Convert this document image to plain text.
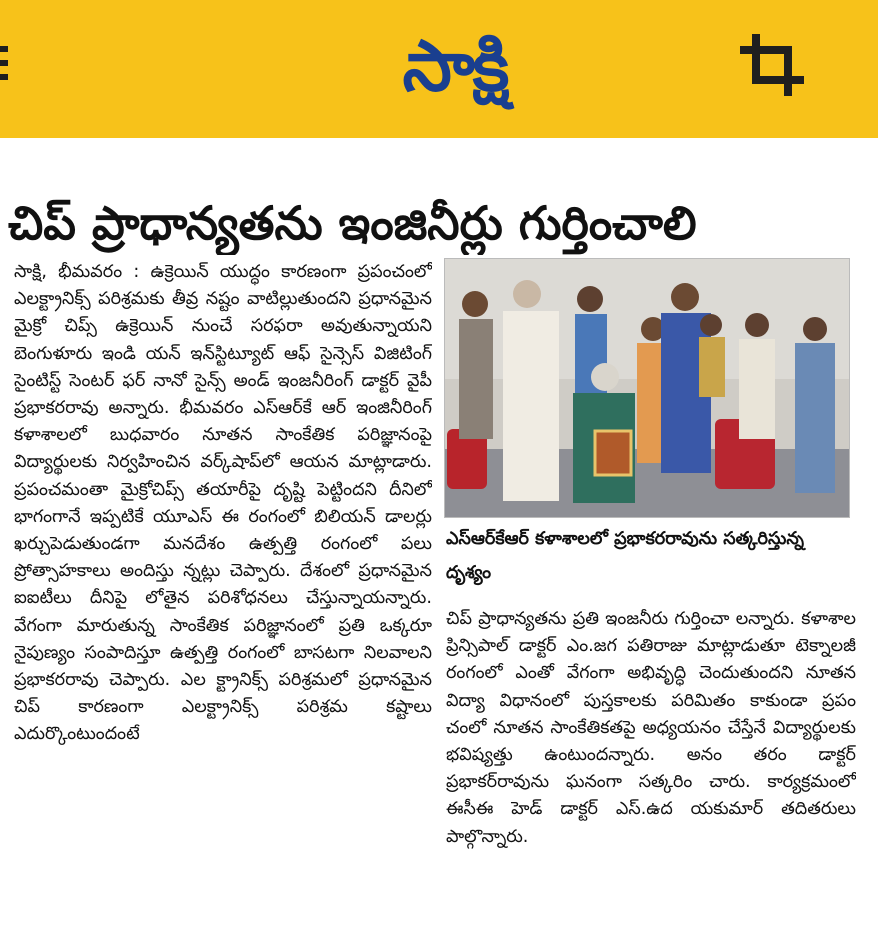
సాక్షి
చిప్ ప్రాధాన్యతను ఇంజినీర్లు గుర్తించాలి

సాక్షి, భీమవరం : ఉక్రెయిన్ యుద్ధం కారణంగా ప్రపంచంలో ఎలక్ట్రానిక్స్ పరిశ్రమకు తీవ్ర నష్టం వాటిల్లుతుందని ప్రధానమైన మైక్రో చిప్స్ ఉక్రెయిన్ నుంచే సరఫరా అవుతున్నాయని బెంగుళూరు ఇండి యన్ ఇన్‌స్టిట్యూట్ ఆఫ్ సైన్సెస్ విజిటింగ్ సైంటిస్ట్ సెంటర్ ఫర్ నానో సైన్స్ అండ్ ఇంజనీరింగ్ డాక్టర్ వైపీ ప్రభాకరరావు అన్నారు. భీమవరం ఎస్‌ఆర్‌కే ఆర్ ఇంజినీరింగ్ కళాశాలలో బుధవారం నూతన సాంకేతిక పరిజ్ఞానంపై విద్యార్థులకు నిర్వహించిన వర్క్‌షాప్‌లో ఆయన మాట్లాడారు. ప్రపంచమంతా మైక్రోచిప్స్ తయారీపై దృష్టి పెట్టిందని దీనిలో భాగంగానే ఇప్పటికే యూఎస్ ఈ రంగంలో బిలియన్ డాలర్లు ఖర్చుపెడుతుండగా మనదేశం ఉత్పత్తి రంగంలో పలు ప్రోత్సాహకాలు అందిస్తు న్నట్లు చెప్పారు. దేశంలో ప్రధానమైన ఐఐటీలు దీనిపై లోతైన పరిశోధనలు చేస్తున్నాయన్నారు. వేగంగా మారుతున్న సాంకేతిక పరిజ్ఞానంలో ప్రతి ఒక్కరూ నైపుణ్యం సంపాదిస్తూ ఉత్పత్తి రంగంలో బాసటగా నిలవాలని ప్రభాకరరావు చెప్పారు. ఎల క్ట్రానిక్స్ పరిశ్రమలో ప్రధానమైన చిప్ కారణంగా ఎలక్ట్రానిక్స్ పరిశ్రమ కష్టాలు ఎదుర్కొంటుందంటే

ఎస్‌ఆర్‌కేఆర్ కళాశాలలో ప్రభాకరరావును సత్కరిస్తున్న దృశ్యం

చిప్ ప్రాధాన్యతను ప్రతి ఇంజనీరు గుర్తించా లన్నారు. కళాశాల ప్రిన్సిపాల్ డాక్టర్ ఎం.జగ పతిరాజు మాట్లాడుతూ టెక్నాలజీ రంగంలో ఎంతో వేగంగా అభివృద్ధి చెందుతుందని నూతన విద్యా విధానంలో పుస్తకాలకు పరిమితం కాకుండా ప్రపం చంలో నూతన సాంకేతికతపై అధ్యయనం చేస్తేనే విద్యార్థులకు భవిష్యత్తు ఉంటుందన్నారు. అనం తరం డాక్టర్ ప్రభాకర్‌రావును ఘనంగా సత్కరిం చారు. కార్యక్రమంలో ఈసీఈ హెడ్ డాక్టర్ ఎస్.ఉద యకుమార్ తదితరులు పాల్గొన్నారు.
